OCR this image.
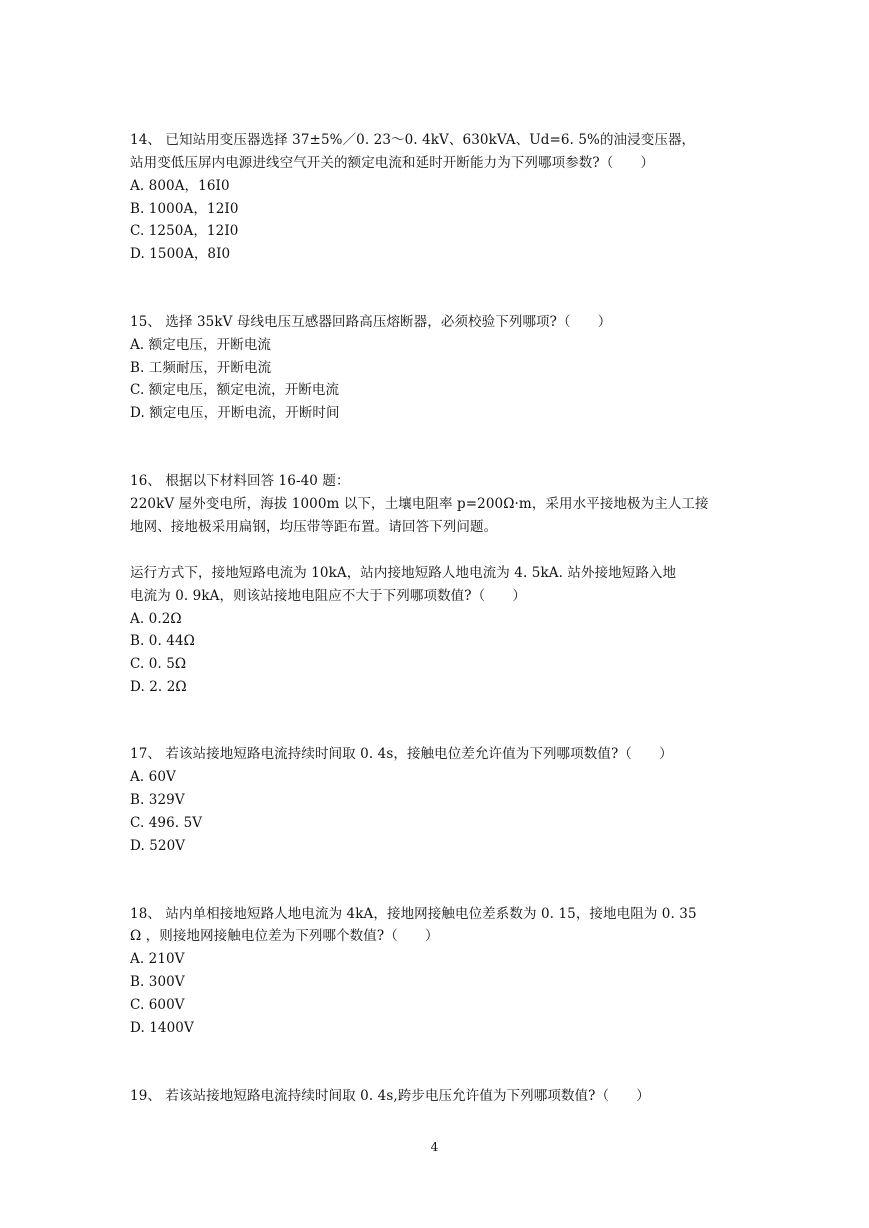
14、 已知站用变压器选择 37±5%／0. 23～0. 4kV、630kVA、Ud=6. 5%的油浸变压器，
站用变低压屏内电源进线空气开关的额定电流和延时开断能力为下列哪项参数?（　　）
A. 800A，16I0
B. 1000A，12I0
C. 1250A，12I0
D. 1500A，8I0
15、 选择 35kV 母线电压互感器回路高压熔断器，必须校验下列哪项?（　　）
A. 额定电压，开断电流
B. 工频耐压，开断电流
C. 额定电压，额定电流，开断电流
D. 额定电压，开断电流，开断时间
16、 根据以下材料回答 16-40 题：
220kV 屋外变电所，海拔 1000m 以下，土壤电阻率 p=200Ω·m，采用水平接地极为主人工接
地网、接地极采用扁钢，均压带等距布置。请回答下列问题。
运行方式下，接地短路电流为 10kA，站内接地短路人地电流为 4. 5kA. 站外接地短路入地
电流为 0. 9kA，则该站接地电阻应不大于下列哪项数值?（　　）
A. 0.2Ω
B. 0. 44Ω
C. 0. 5Ω
D. 2. 2Ω
17、 若该站接地短路电流持续时间取 0. 4s，接触电位差允许值为下列哪项数值?（　　）
A. 60V
B. 329V
C. 496. 5V
D. 520V
18、 站内单相接地短路人地电流为 4kA，接地网接触电位差系数为 0. 15，接地电阻为 0. 35
Ω ，则接地网接触电位差为下列哪个数值?（　　）
A. 210V
B. 300V
C. 600V
D. 1400V
19、 若该站接地短路电流持续时间取 0. 4s,跨步电压允许值为下列哪项数值?（　　）
4
